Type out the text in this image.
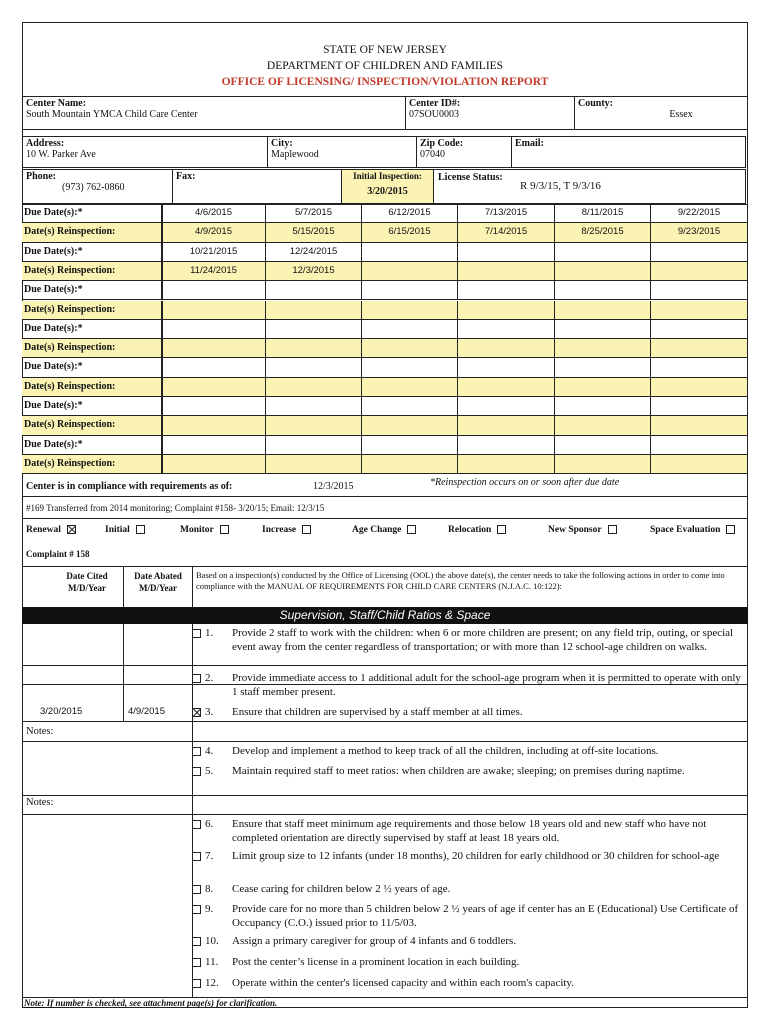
STATE OF NEW JERSEY
DEPARTMENT OF CHILDREN AND FAMILIES
OFFICE OF LICENSING/ INSPECTION/VIOLATION REPORT
Center Name:
South Mountain YMCA Child Care Center
Center ID#:
07SOU0003
County:
Essex
Address:
10 W. Parker Ave
City:
Maplewood
Zip Code:
07040
Email:
Phone:
(973) 762-0860
Fax:	Initial Inspection:
3/20/2015
License Status:
R 9/3/15, T 9/3/16
Due Date(s):*	4/6/2015	5/7/2015	6/12/2015	7/13/2015	8/11/2015	9/22/2015
Date(s) Reinspection:	4/9/2015	5/15/2015	6/15/2015	7/14/2015	8/25/2015	9/23/2015
Due Date(s):*	10/21/2015	12/24/2015
Date(s) Reinspection:	11/24/2015	12/3/2015
Due Date(s):*
Date(s) Reinspection:
Due Date(s):*
Date(s) Reinspection:
Due Date(s):*
Date(s) Reinspection:
Due Date(s):*
Date(s) Reinspection:
Due Date(s):*
Date(s) Reinspection:
Center is in compliance with requirements as of:	12/3/2015	*Reinspection occurs on or soon after due date
#169 Transferred from 2014 monitoring; Complaint #158- 3/20/15; Email: 12/3/15
Renewal	Initial	Monitor	Increase	Age Change	Relocation	New Sponsor	Space Evaluation
Complaint # 158
Date Cited M/D/Year
Date Abated M/D/Year
Based on a inspection(s) conducted by the Office of Licensing (OOL) the above date(s), the center needs to take the following actions in order to come into compliance with the MANUAL OF REQUIREMENTS FOR CHILD CARE CENTERS (N.J.A.C. 10:122):
Supervision, Staff/Child Ratios & Space
1. Provide 2 staff to work with the children: when 6 or more children are present; on any field trip, outing, or special event away from the center regardless of transportation; or with more than 12 school-age children on walks.
2. Provide immediate access to 1 additional adult for the school-age program when it is permitted to operate with only 1 staff member present.
3. Ensure that children are supervised by a staff member at all times.
3/20/2015	4/9/2015
4. Develop and implement a method to keep track of all the children, including at off-site locations.
5. Maintain required staff to meet ratios: when children are awake; sleeping; on premises during naptime.
6. Ensure that staff meet minimum age requirements and those below 18 years old and new staff who have not completed orientation are directly supervised by staff at least 18 years old.
7. Limit group size to 12 infants (under 18 months), 20 children for early childhood or 30 children for school-age
8. Cease caring for children below 2 ½ years of age.
9. Provide care for no more than 5 children below 2 ½ years of age if center has an E (Educational) Use Certificate of Occupancy (C.O.) issued prior to 11/5/03.
10. Assign a primary caregiver for group of 4 infants and 6 toddlers.
11. Post the center’s license in a prominent location in each building.
12. Operate within the center's licensed capacity and within each room's capacity.
Notes:
Notes:
Note: If number is checked, see attachment page(s) for clarification.
